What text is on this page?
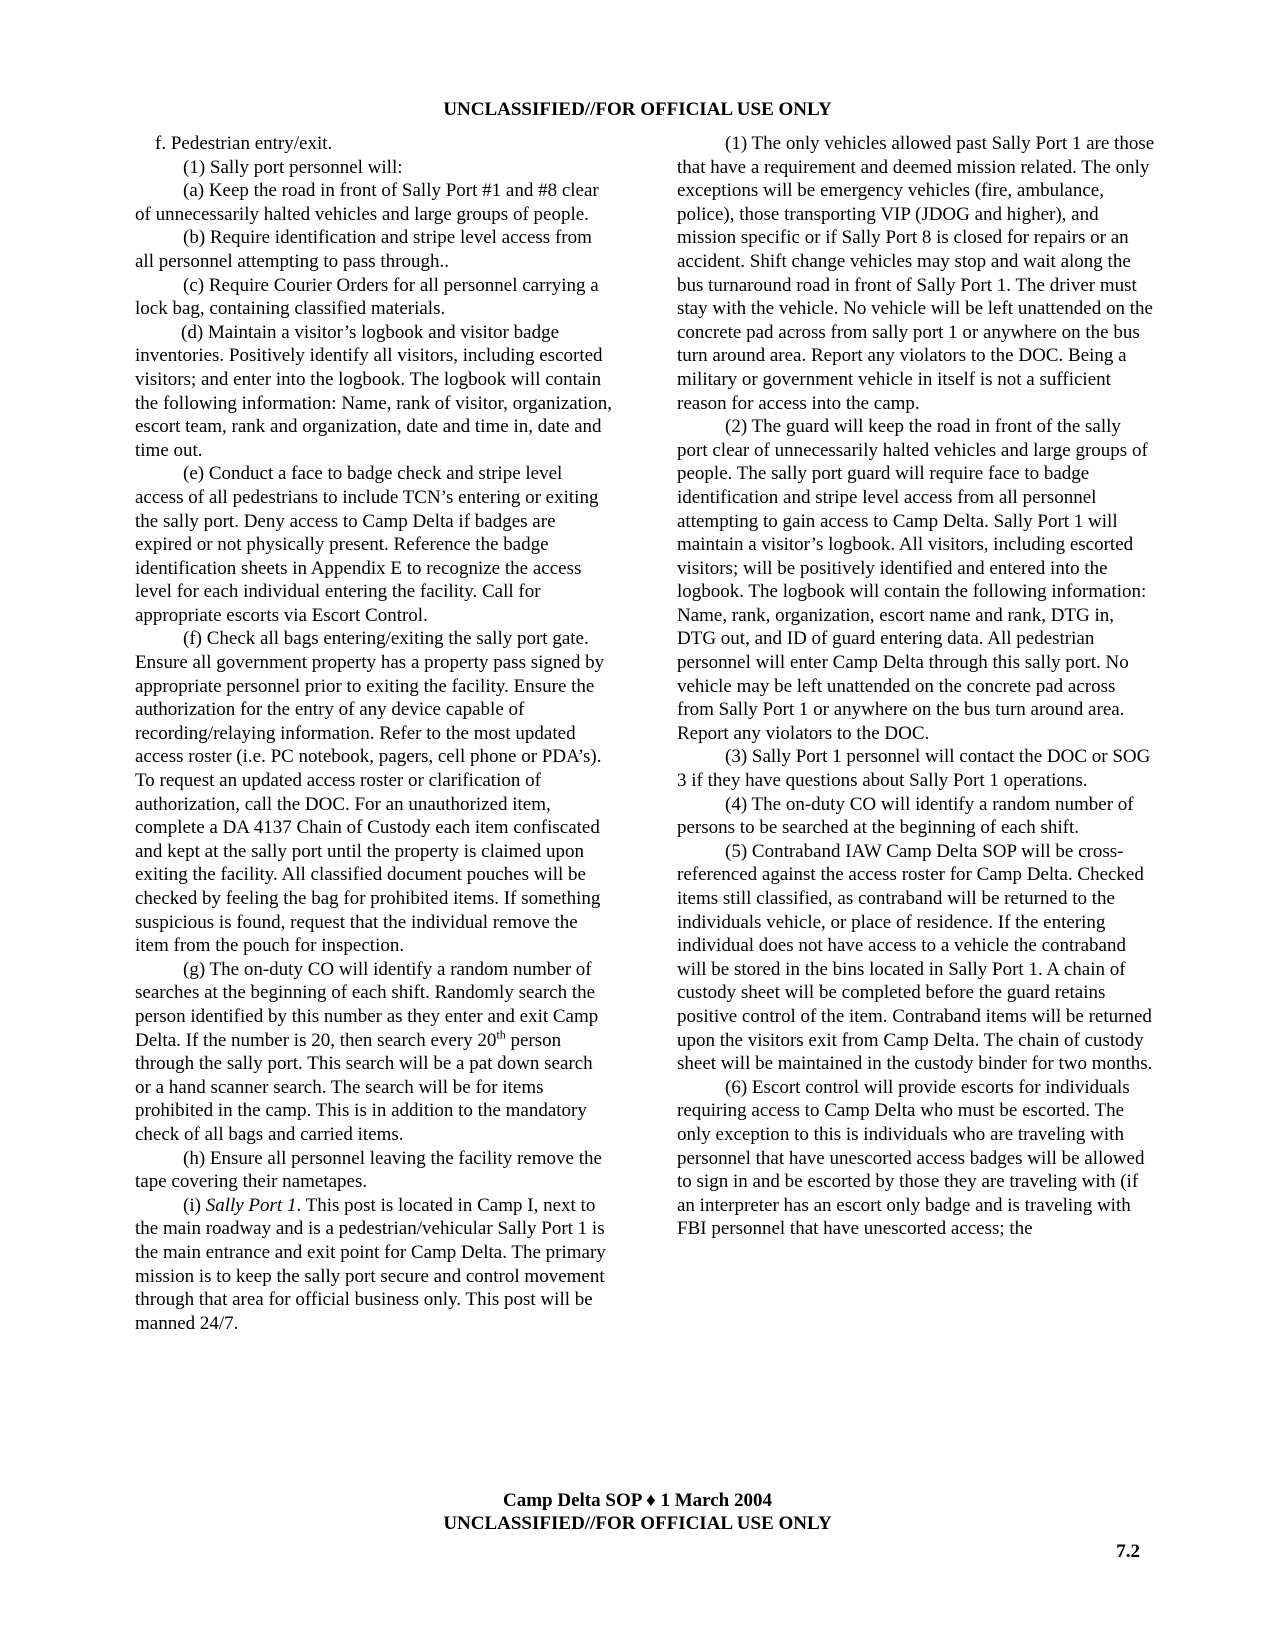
UNCLASSIFIED//FOR OFFICIAL USE ONLY

f. Pedestrian entry/exit.

(1) Sally port personnel will:

(a) Keep the road in front of Sally Port #1 and #8 clear of unnecessarily halted vehicles and large groups of people.

(b) Require identification and stripe level access from all personnel attempting to pass through..

(c) Require Courier Orders for all personnel carrying a lock bag, containing classified materials.

(d) Maintain a visitor’s logbook and visitor badge inventories. Positively identify all visitors, including escorted visitors; and enter into the logbook. The logbook will contain the following information: Name, rank of visitor, organization, escort team, rank and organization, date and time in, date and time out.

(e) Conduct a face to badge check and stripe level access of all pedestrians to include TCN’s entering or exiting the sally port. Deny access to Camp Delta if badges are expired or not physically present. Reference the badge identification sheets in Appendix E to recognize the access level for each individual entering the facility. Call for appropriate escorts via Escort Control.

(f) Check all bags entering/exiting the sally port gate. Ensure all government property has a property pass signed by appropriate personnel prior to exiting the facility. Ensure the authorization for the entry of any device capable of recording/relaying information. Refer to the most updated access roster (i.e. PC notebook, pagers, cell phone or PDA’s). To request an updated access roster or clarification of authorization, call the DOC. For an unauthorized item, complete a DA 4137 Chain of Custody each item confiscated and kept at the sally port until the property is claimed upon exiting the facility. All classified document pouches will be checked by feeling the bag for prohibited items. If something suspicious is found, request that the individual remove the item from the pouch for inspection.

(g) The on-duty CO will identify a random number of searches at the beginning of each shift. Randomly search the person identified by this number as they enter and exit Camp Delta. If the number is 20, then search every 20th person through the sally port. This search will be a pat down search or a hand scanner search. The search will be for items prohibited in the camp. This is in addition to the mandatory check of all bags and carried items.

(h) Ensure all personnel leaving the facility remove the tape covering their nametapes.

(i) Sally Port 1. This post is located in Camp I, next to the main roadway and is a pedestrian/vehicular Sally Port 1 is the main entrance and exit point for Camp Delta. The primary mission is to keep the sally port secure and control movement through that area for official business only. This post will be manned 24/7.

(1) The only vehicles allowed past Sally Port 1 are those that have a requirement and deemed mission related. The only exceptions will be emergency vehicles (fire, ambulance, police), those transporting VIP (JDOG and higher), and mission specific or if Sally Port 8 is closed for repairs or an accident. Shift change vehicles may stop and wait along the bus turnaround road in front of Sally Port 1. The driver must stay with the vehicle. No vehicle will be left unattended on the concrete pad across from sally port 1 or anywhere on the bus turn around area. Report any violators to the DOC. Being a military or government vehicle in itself is not a sufficient reason for access into the camp.

(2) The guard will keep the road in front of the sally port clear of unnecessarily halted vehicles and large groups of people. The sally port guard will require face to badge identification and stripe level access from all personnel attempting to gain access to Camp Delta. Sally Port 1 will maintain a visitor’s logbook. All visitors, including escorted visitors; will be positively identified and entered into the logbook. The logbook will contain the following information: Name, rank, organization, escort name and rank, DTG in, DTG out, and ID of guard entering data. All pedestrian personnel will enter Camp Delta through this sally port. No vehicle may be left unattended on the concrete pad across from Sally Port 1 or anywhere on the bus turn around area. Report any violators to the DOC.

(3) Sally Port 1 personnel will contact the DOC or SOG 3 if they have questions about Sally Port 1 operations.

(4) The on-duty CO will identify a random number of persons to be searched at the beginning of each shift.

(5) Contraband IAW Camp Delta SOP will be cross-referenced against the access roster for Camp Delta. Checked items still classified, as contraband will be returned to the individuals vehicle, or place of residence. If the entering individual does not have access to a vehicle the contraband will be stored in the bins located in Sally Port 1. A chain of custody sheet will be completed before the guard retains positive control of the item. Contraband items will be returned upon the visitors exit from Camp Delta. The chain of custody sheet will be maintained in the custody binder for two months.

(6) Escort control will provide escorts for individuals requiring access to Camp Delta who must be escorted. The only exception to this is individuals who are traveling with personnel that have unescorted access badges will be allowed to sign in and be escorted by those they are traveling with (if an interpreter has an escort only badge and is traveling with FBI personnel that have unescorted access; the

Camp Delta SOP ♦ 1 March 2004
UNCLASSIFIED//FOR OFFICIAL USE ONLY
7.2
